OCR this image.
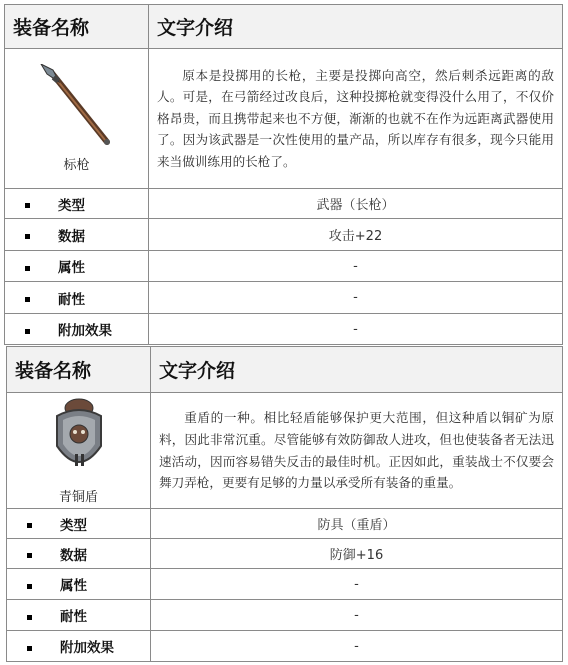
装备名称	文字介绍

标枪	原本是投掷用的长枪，主要是投掷向高空，然后刺杀远距离的敌人。可是，在弓箭经过改良后，这种投掷枪就变得没什么用了，不仅价格昂贵，而且携带起来也不方便，渐渐的也就不在作为远距离武器使用了。因为该武器是一次性使用的量产品，所以库存有很多，现今只能用来当做训练用的长枪了。
类型	武器（长枪）
数据	攻击+22
属性	-
耐性	-
附加效果	-
装备名称	文字介绍

青铜盾	重盾的一种。相比轻盾能够保护更大范围，但这种盾以铜矿为原料，因此非常沉重。尽管能够有效防御敌人进攻，但也使装备者无法迅速活动，因而容易错失反击的最佳时机。正因如此，重装战士不仅要会舞刀弄枪，更要有足够的力量以承受所有装备的重量。
类型	防具（重盾）
数据	防御+16
属性	-
耐性	-
附加效果	-
